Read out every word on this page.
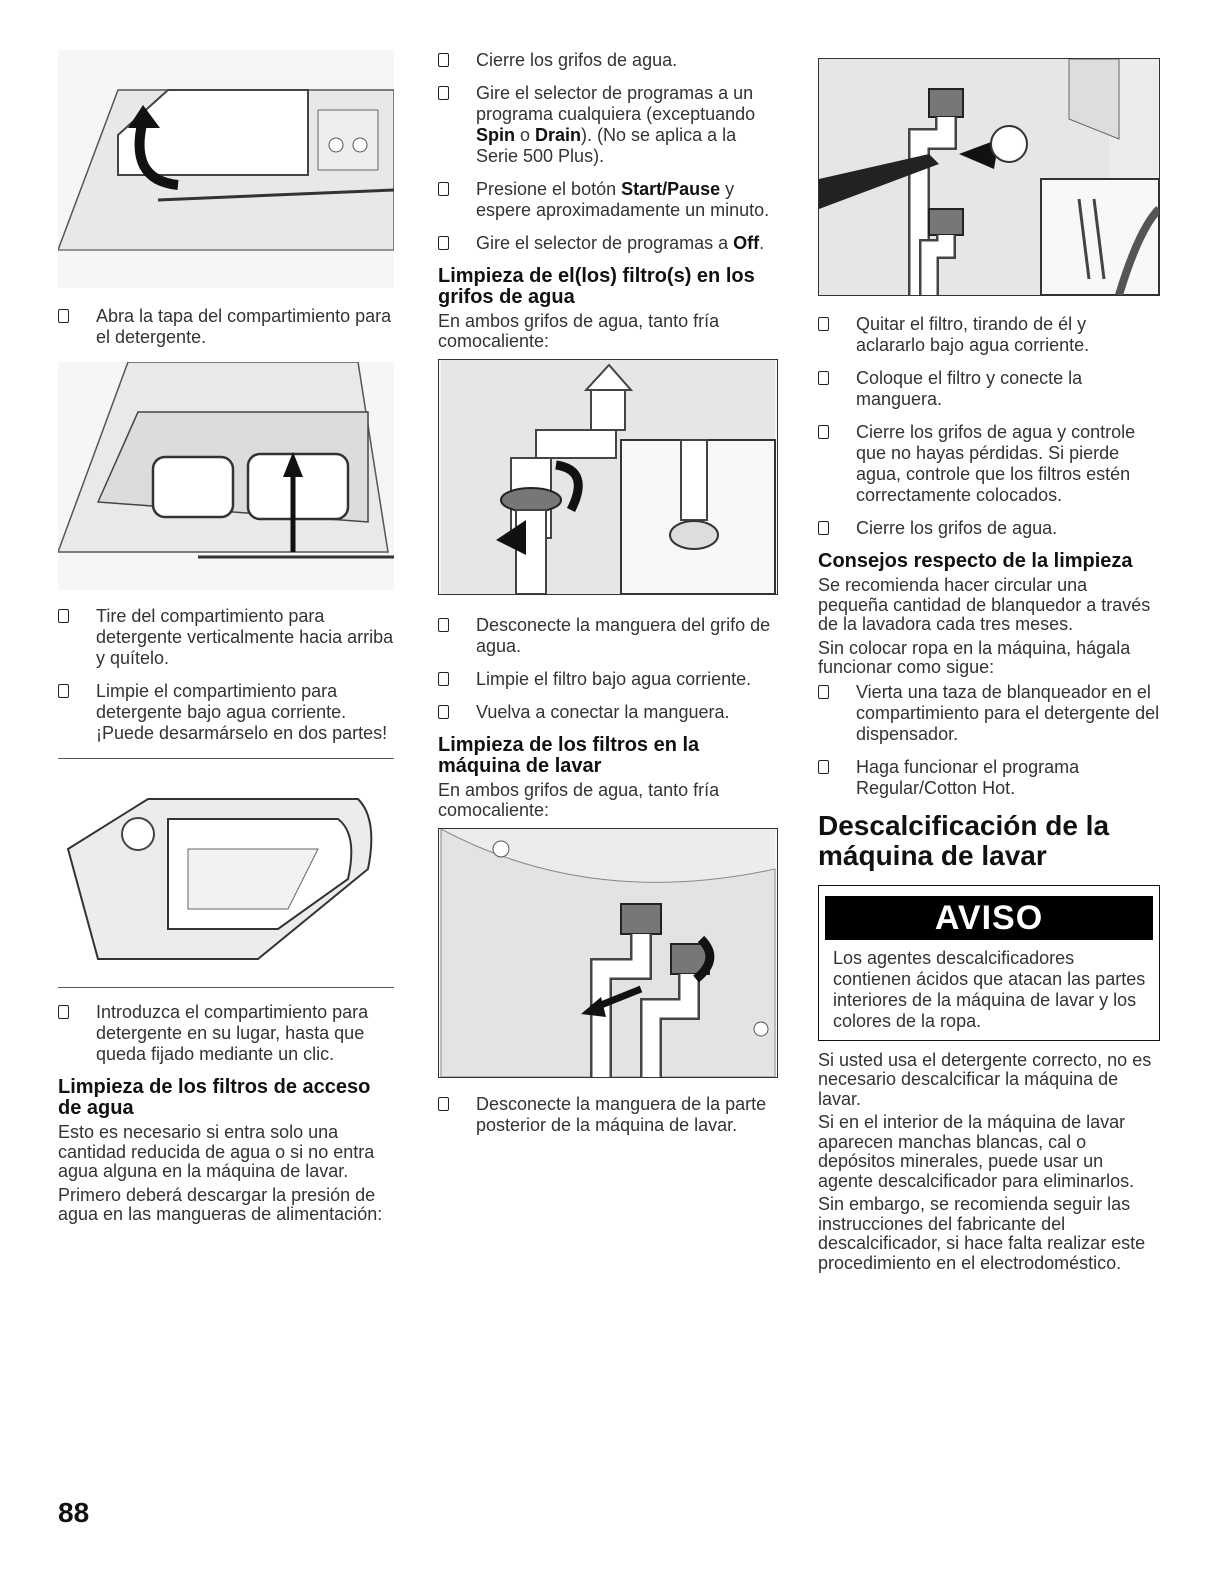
Abra la tapa del compartimiento para el detergente.
Tire del compartimiento para detergente verticalmente hacia arriba y quítelo.
Limpie el compartimiento para detergente bajo agua corriente. ¡Puede desarmárselo en dos partes!
Introduzca el compartimiento para detergente en su lugar, hasta que queda fijado mediante un clic.
Limpieza de los filtros de acceso de agua

Esto es necesario si entra solo una cantidad reducida de agua o si no entra agua alguna en la máquina de lavar.

Primero deberá descargar la presión de agua en las mangueras de alimentación:

Cierre los grifos de agua.
Gire el selector de programas a un programa cualquiera (exceptuando Spin o Drain). (No se aplica a la Serie 500 Plus).
Presione el botón Start/Pause y espere aproximadamente un minuto.
Gire el selector de programas a Off.
Limpieza de el(los) filtro(s) en los grifos de agua

En ambos grifos de agua, tanto fría comocaliente:

Desconecte la manguera del grifo de agua.
Limpie el filtro bajo agua corriente.
Vuelva a conectar la manguera.
Limpieza de los filtros en la máquina de lavar

En ambos grifos de agua, tanto fría comocaliente:

Desconecte la manguera de la parte posterior de la máquina de lavar.
Quitar el filtro, tirando de él y aclararlo bajo agua corriente.
Coloque el filtro y conecte la manguera.
Cierre los grifos de agua y controle que no hayas pérdidas. Si pierde agua, controle que los filtros estén correctamente colocados.
Cierre los grifos de agua.
Consejos respecto de la limpieza

Se recomienda hacer circular una pequeña cantidad de blanquedor a través de la lavadora cada tres meses.

Sin colocar ropa en la máquina, hágala funcionar como sigue:

Vierta una taza de blanqueador en el compartimiento para el detergente del dispensador.
Haga funcionar el programa Regular/Cotton Hot.
Descalcificación de la máquina de lavar
AVISO
Los agentes descalcificadores contienen ácidos que atacan las partes interiores de la máquina de lavar y los colores de la ropa.

Si usted usa el detergente correcto, no es necesario descalcificar la máquina de lavar.

Si en el interior de la máquina de lavar aparecen manchas blancas, cal o depósitos minerales, puede usar un agente descalcificador para eliminarlos.

Sin embargo, se recomienda seguir las instrucciones del fabricante del descalcificador, si hace falta realizar este procedimiento en el electrodoméstico.

88
